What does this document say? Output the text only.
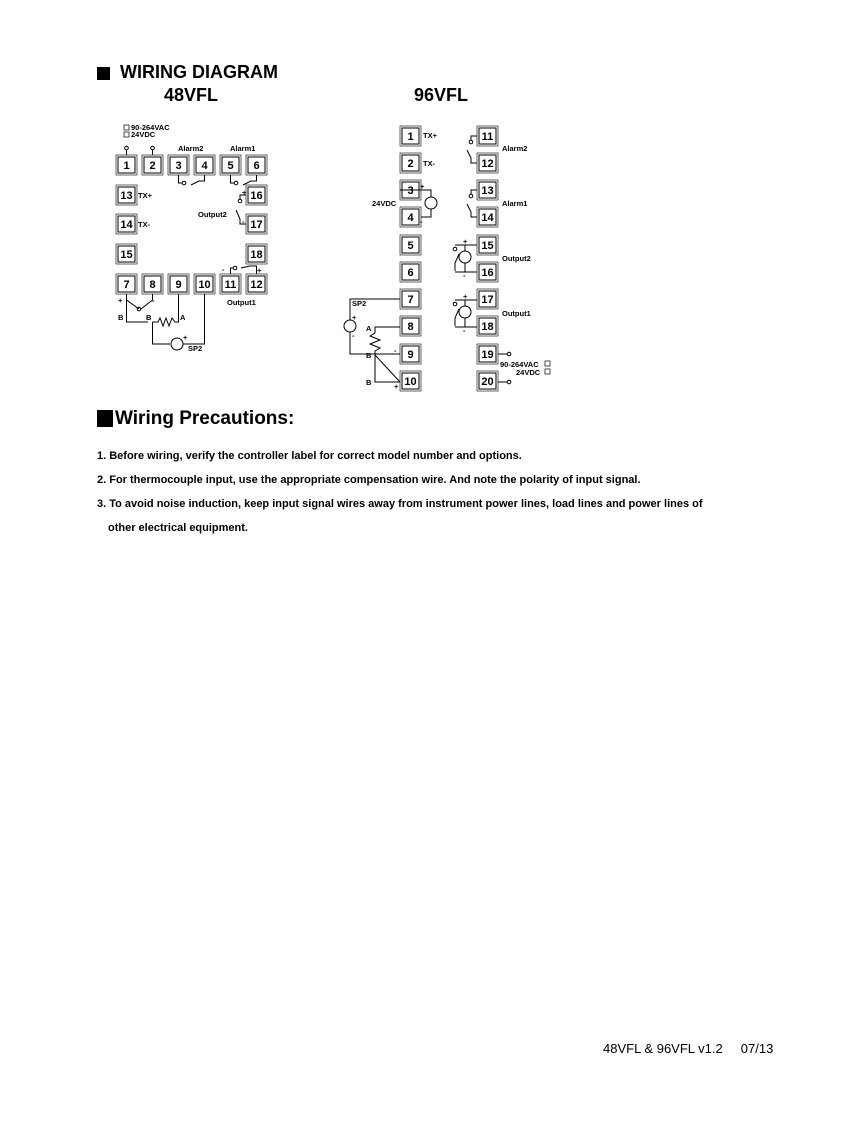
WIRING DIAGRAM
48VFL	96VFL
1 2 3 4 5 6
7 8 9 10 11 12
13
14
15
16
17
18
90-264VAC
24VDC
Alarm2	Alarm1
TX+
TX-
Output2
Output1
SP2
B	B	A
+	-
+
-
+
-
-	+
1
2
3
4
5
6
7
8
9
10
11
12
13
14
15
16
17
18
19
20
TX+
TX-
24VDC
Alarm2
Alarm1
Output2
Output1
SP2
90-264VAC
24VDC
+
-
+
-
+
-
+
-
A
B
B
-
+
Wiring Precautions:
1. Before wiring, verify the controller label for correct model number and options.
2. For thermocouple input, use the appropriate compensation wire. And note the polarity of input signal.
3. To avoid noise induction, keep input signal wires away from instrument power lines, load lines and power lines of
other electrical equipment.
48VFL & 96VFL v1.2 07/13
